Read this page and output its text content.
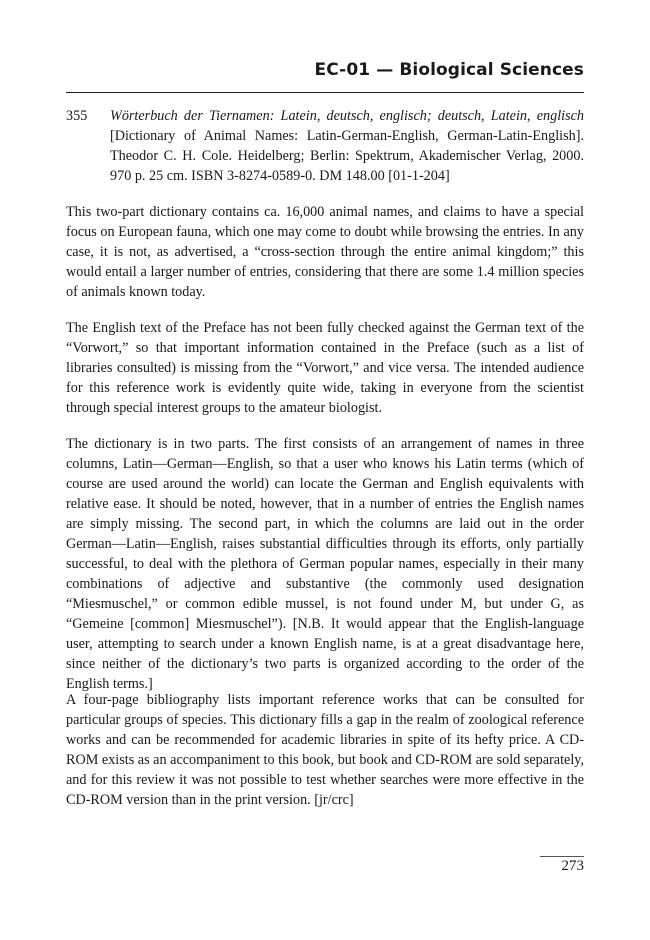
EC-01 — Biological Sciences
355	Wörterbuch der Tiernamen: Latein, deutsch, englisch; deutsch, Latein, englisch [Dictionary of Animal Names: Latin-German-English, German-Latin-English]. Theodor C. H. Cole. Heidelberg; Berlin: Spektrum, Akademischer Verlag, 2000. 970 p. 25 cm. ISBN 3-8274-0589-0. DM 148.00 [01-1-204]

This two-part dictionary contains ca. 16,000 animal names, and claims to have a special focus on European fauna, which one may come to doubt while browsing the entries. In any case, it is not, as advertised, a “cross-section through the entire animal kingdom;” this would entail a larger number of entries, considering that there are some 1.4 million species of animals known today.

The English text of the Preface has not been fully checked against the German text of the “Vorwort,” so that important information contained in the Preface (such as a list of libraries consulted) is missing from the “Vorwort,” and vice versa. The intended audience for this reference work is evidently quite wide, taking in everyone from the scientist through special interest groups to the amateur biologist.

The dictionary is in two parts. The first consists of an arrangement of names in three columns, Latin—German—English, so that a user who knows his Latin terms (which of course are used around the world) can locate the German and English equivalents with relative ease. It should be noted, however, that in a number of entries the English names are simply missing. The second part, in which the columns are laid out in the order German—Latin—English, raises substantial difficulties through its efforts, only partially successful, to deal with the plethora of German popular names, especially in their many combinations of adjective and substantive (the commonly used designation “Miesmuschel,” or common edible mussel, is not found under M, but under G, as “Gemeine [common] Miesmuschel”). [N.B. It would appear that the English-language user, attempting to search under a known English name, is at a great disadvantage here, since neither of the dictionary’s two parts is organized according to the order of the English terms.]

A four-page bibliography lists important reference works that can be consulted for particular groups of species. This dictionary fills a gap in the realm of zoological reference works and can be recommended for academic libraries in spite of its hefty price. A CD-ROM exists as an accompaniment to this book, but book and CD-ROM are sold separately, and for this review it was not possible to test whether searches were more effective in the CD-ROM version than in the print version. [jr/crc]

273
